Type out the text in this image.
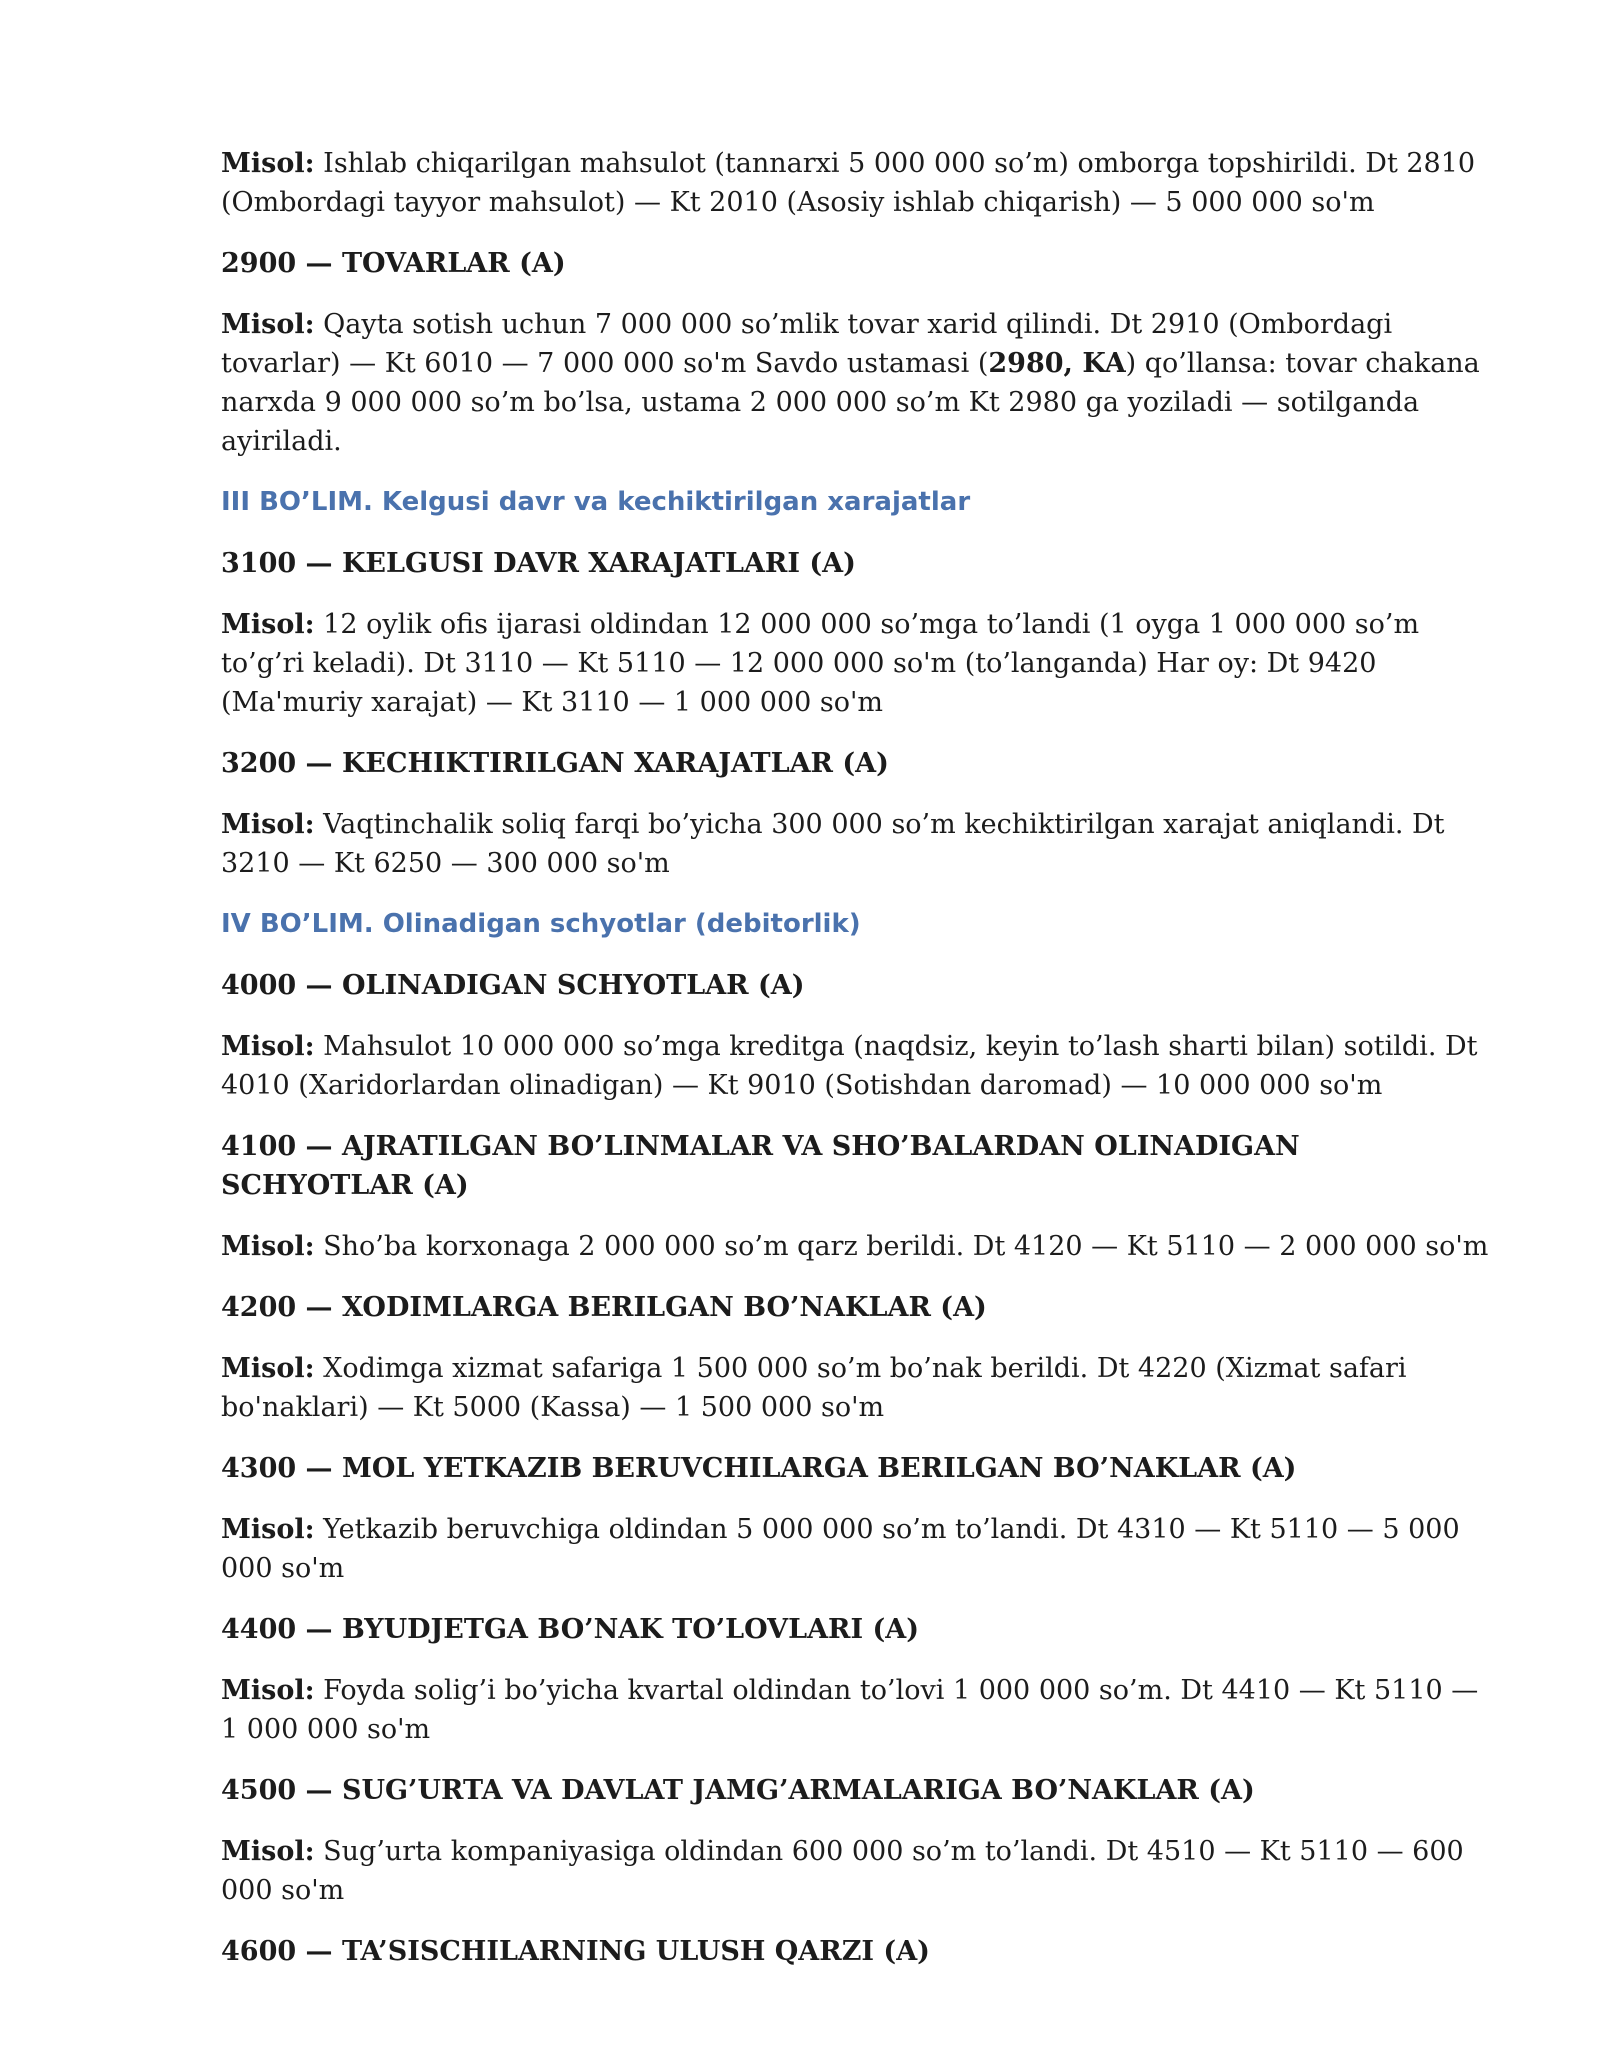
Misol: Ishlab chiqarilgan mahsulot (tannarxi 5 000 000 so’m) omborga topshirildi. Dt 2810 (Ombordagi tayyor mahsulot) — Kt 2010 (Asosiy ishlab chiqarish) — 5 000 000 so'm

2900 — TOVARLAR (A)

Misol: Qayta sotish uchun 7 000 000 so’mlik tovar xarid qilindi. Dt 2910 (Ombordagi tovarlar) — Kt 6010 — 7 000 000 so'm Savdo ustamasi (2980, KA) qo’llansa: tovar chakana narxda 9 000 000 so’m bo’lsa, ustama 2 000 000 so’m Kt 2980 ga yoziladi — sotilganda ayiriladi.

III BO’LIM. Kelgusi davr va kechiktirilgan xarajatlar

3100 — KELGUSI DAVR XARAJATLARI (A)

Misol: 12 oylik ofis ijarasi oldindan 12 000 000 so’mga to’landi (1 oyga 1 000 000 so’m to’g’ri keladi). Dt 3110 — Kt 5110 — 12 000 000 so'm (to’langanda) Har oy: Dt 9420 (Ma'muriy xarajat) — Kt 3110 — 1 000 000 so'm

3200 — KECHIKTIRILGAN XARAJATLAR (A)

Misol: Vaqtinchalik soliq farqi bo’yicha 300 000 so’m kechiktirilgan xarajat aniqlandi. Dt 3210 — Kt 6250 — 300 000 so'm

IV BO’LIM. Olinadigan schyotlar (debitorlik)

4000 — OLINADIGAN SCHYOTLAR (A)

Misol: Mahsulot 10 000 000 so’mga kreditga (naqdsiz, keyin to’lash sharti bilan) sotildi. Dt 4010 (Xaridorlardan olinadigan) — Kt 9010 (Sotishdan daromad) — 10 000 000 so'm

4100 — AJRATILGAN BO’LINMALAR VA SHO’BALARDAN OLINADIGAN SCHYOTLAR (A)

Misol: Sho’ba korxonaga 2 000 000 so’m qarz berildi. Dt 4120 — Kt 5110 — 2 000 000 so'm

4200 — XODIMLARGA BERILGAN BO’NAKLAR (A)

Misol: Xodimga xizmat safariga 1 500 000 so’m bo’nak berildi. Dt 4220 (Xizmat safari bo'naklari) — Kt 5000 (Kassa) — 1 500 000 so'm

4300 — MOL YETKAZIB BERUVCHILARGA BERILGAN BO’NAKLAR (A)

Misol: Yetkazib beruvchiga oldindan 5 000 000 so’m to’landi. Dt 4310 — Kt 5110 — 5 000 000 so'm

4400 — BYUDJETGA BO’NAK TO’LOVLARI (A)

Misol: Foyda solig’i bo’yicha kvartal oldindan to’lovi 1 000 000 so’m. Dt 4410 — Kt 5110 — 1 000 000 so'm

4500 — SUG’URTA VA DAVLAT JAMG’ARMALARIGA BO’NAKLAR (A)

Misol: Sug’urta kompaniyasiga oldindan 600 000 so’m to’landi. Dt 4510 — Kt 5110 — 600 000 so'm

4600 — TA’SISCHILARNING ULUSH QARZI (A)
